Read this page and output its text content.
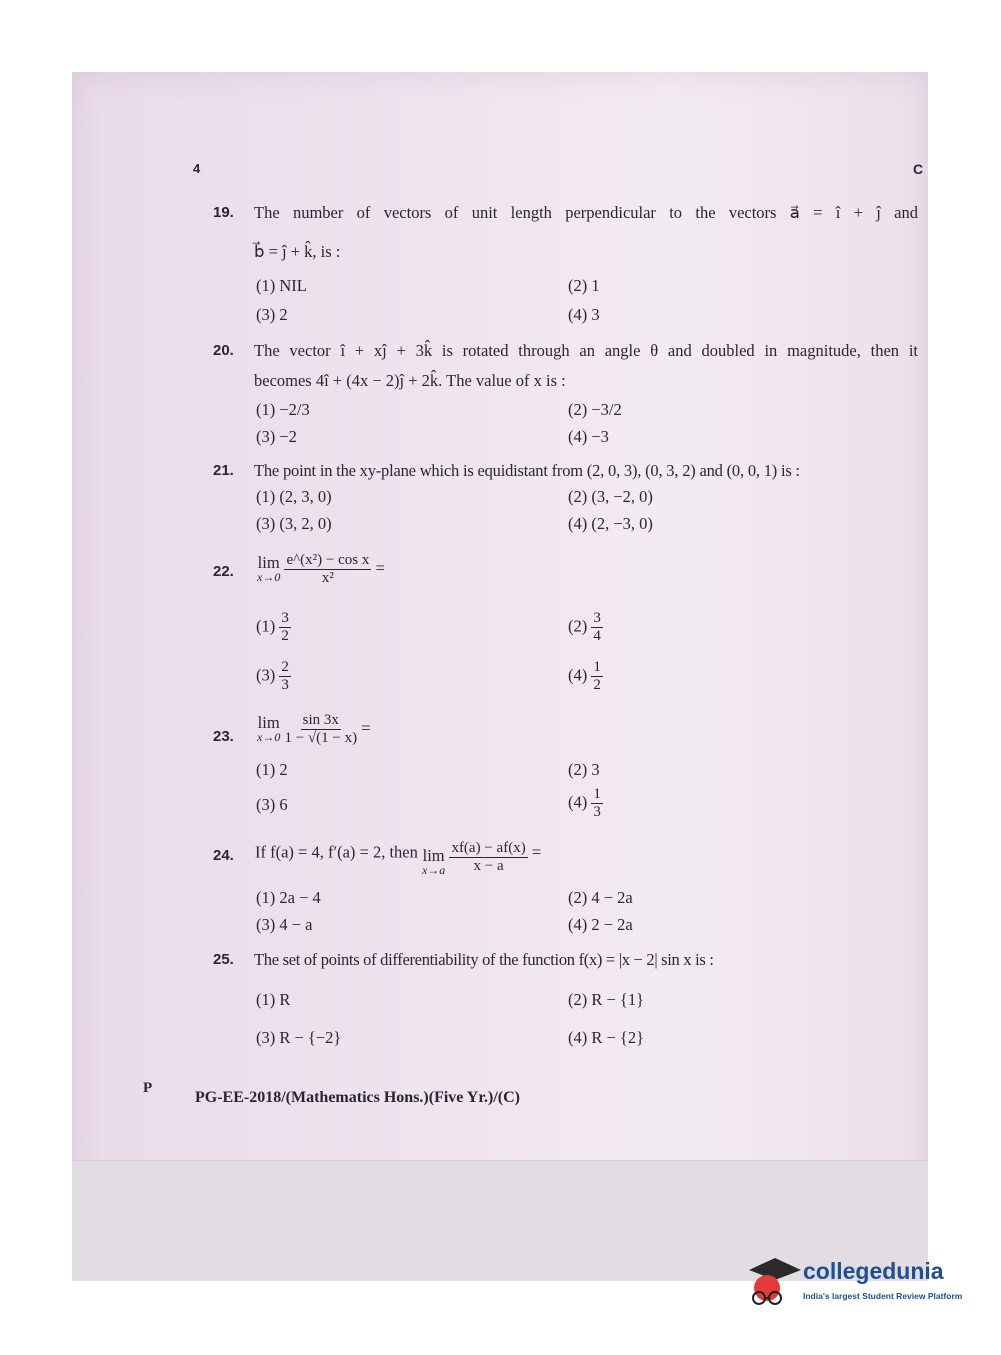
4	C
19. The number of vectors of unit length perpendicular to the vectors a⃗ = î + ĵ and
b⃗ = ĵ + k̂, is :
(1) NIL	(2) 1
(3) 2	(4) 3
20. The vector î + xĵ + 3k̂ is rotated through an angle θ and doubled in magnitude, then it
becomes 4î + (4x − 2)ĵ + 2k̂. The value of x is :
(1) −2/3	(2) −3/2
(3) −2	(4) −3
21. The point in the xy-plane which is equidistant from (2, 0, 3), (0, 3, 2) and (0, 0, 1) is :
(1) (2, 3, 0)	(2) (3, −2, 0)
(3) (3, 2, 0)	(4) (2, −3, 0)
22. lim
x→0
$\frac{\text{e\textasciicircum{}(x²) − cos x}}{\text{x²}}$ =
$(1) \frac{3}{2}$	$(2) \frac{3}{4}$
$(3) \frac{2}{3}$	$(4) \frac{1}{2}$
23.
lim
x→0
$\frac{\sin 3x}{1 - √(1 - x)}$ =
(1) 2	(2) 3
(3) 6	$(4) \frac{1}{3}$
24. If f(a) = 4, f′(a) = 2, then lim
x→a
$\frac{xf(a) - af(x)}{x - a}$ =
(1) 2a − 4	(2) 4 − 2a
(3) 4 − a	(4) 2 − 2a
25. The set of points of differentiability of the function f(x) = |x − 2| sin x is :
(1) R	(2) R − {1}
(3) R − {−2}	(4) R − {2}
P
PG-EE-2018/(Mathematics Hons.)(Five Yr.)/(C)
collegedunia
India's largest Student Review Platform
